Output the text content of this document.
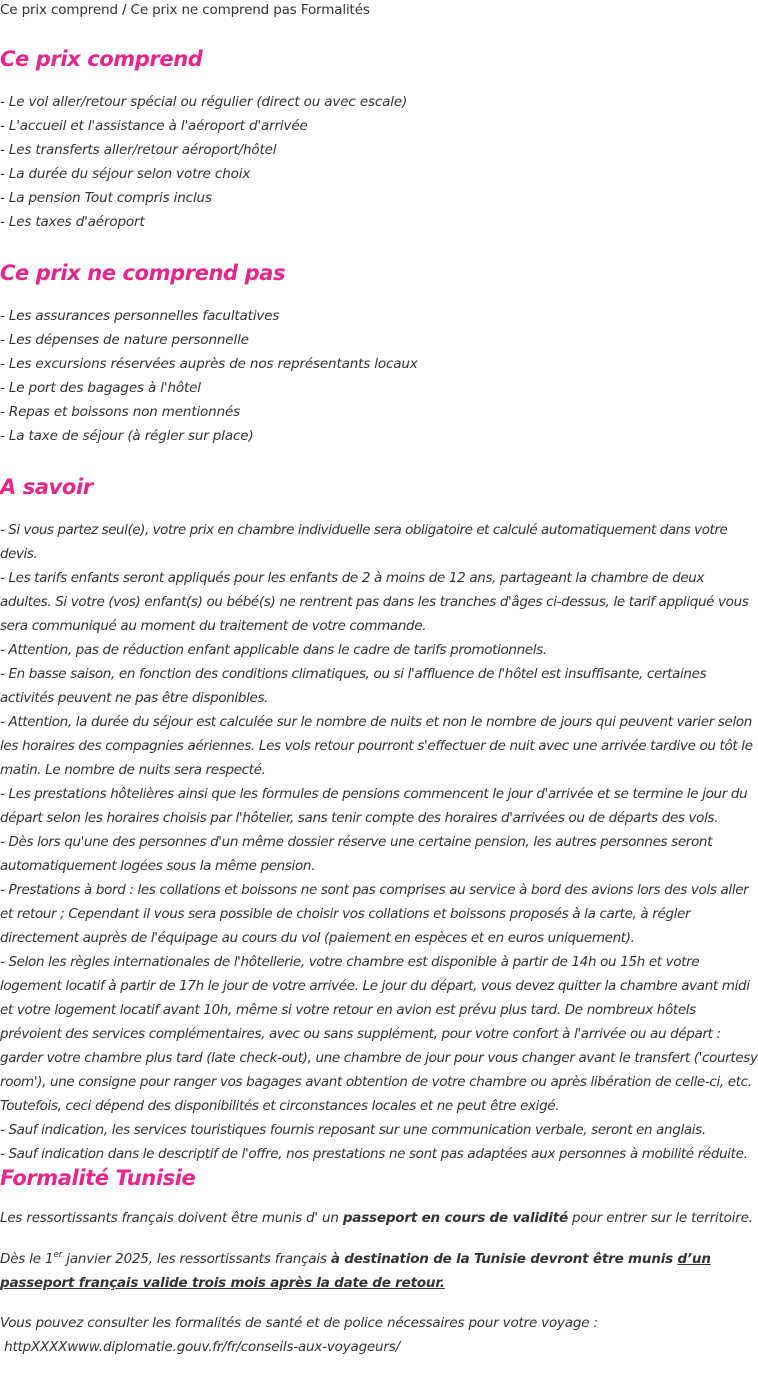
Ce prix comprend / Ce prix ne comprend pas Formalités
Ce prix comprend
- Le vol aller/retour spécial ou régulier (direct ou avec escale)
- L'accueil et l'assistance à l'aéroport d'arrivée
- Les transferts aller/retour aéroport/hôtel
- La durée du séjour selon votre choix
- La pension Tout compris inclus
- Les taxes d'aéroport
Ce prix ne comprend pas
- Les assurances personnelles facultatives
- Les dépenses de nature personnelle
- Les excursions réservées auprès de nos représentants locaux
- Le port des bagages à l'hôtel
- Repas et boissons non mentionnés
- La taxe de séjour (à régler sur place)
A savoir
- Si vous partez seul(e), votre prix en chambre individuelle sera obligatoire et calculé automatiquement dans votre devis.
- Les tarifs enfants seront appliqués pour les enfants de 2 à moins de 12 ans, partageant la chambre de deux adultes. Si votre (vos) enfant(s) ou bébé(s) ne rentrent pas dans les tranches d'âges ci-dessus, le tarif appliqué vous sera communiqué au moment du traitement de votre commande.
- Attention, pas de réduction enfant applicable dans le cadre de tarifs promotionnels.
- En basse saison, en fonction des conditions climatiques, ou si l'affluence de l'hôtel est insuffisante, certaines activités peuvent ne pas être disponibles.
- Attention, la durée du séjour est calculée sur le nombre de nuits et non le nombre de jours qui peuvent varier selon les horaires des compagnies aériennes. Les vols retour pourront s'effectuer de nuit avec une arrivée tardive ou tôt le matin. Le nombre de nuits sera respecté.
- Les prestations hôtelières ainsi que les formules de pensions commencent le jour d'arrivée et se termine le jour du départ selon les horaires choisis par l'hôtelier, sans tenir compte des horaires d'arrivées ou de départs des vols.
- Dès lors qu'une des personnes d'un même dossier réserve une certaine pension, les autres personnes seront automatiquement logées sous la même pension.
- Prestations à bord : les collations et boissons ne sont pas comprises au service à bord des avions lors des vols aller et retour ; Cependant il vous sera possible de choisir vos collations et boissons proposés à la carte, à régler directement auprès de l'équipage au cours du vol (paiement en espèces et en euros uniquement).
- Selon les règles internationales de l'hôtellerie, votre chambre est disponible à partir de 14h ou 15h et votre logement locatif à partir de 17h le jour de votre arrivée. Le jour du départ, vous devez quitter la chambre avant midi et votre logement locatif avant 10h, même si votre retour en avion est prévu plus tard. De nombreux hôtels prévoient des services complémentaires, avec ou sans supplément, pour votre confort à l'arrivée ou au départ : garder votre chambre plus tard (late check-out), une chambre de jour pour vous changer avant le transfert ('courtesy room'), une consigne pour ranger vos bagages avant obtention de votre chambre ou après libération de celle-ci, etc. Toutefois, ceci dépend des disponibilités et circonstances locales et ne peut être exigé.
- Sauf indication, les services touristiques fournis reposant sur une communication verbale, seront en anglais.
- Sauf indication dans le descriptif de l'offre, nos prestations ne sont pas adaptées aux personnes à mobilité réduite.
Formalité Tunisie

Les ressortissants français doivent être munis d' un passeport en cours de validité pour entrer sur le territoire.

Dès le 1er janvier 2025, les ressortissants français à destination de la Tunisie devront être munis d’un passeport français valide trois mois après la date de retour.

Vous pouvez consulter les formalités de santé et de police nécessaires pour votre voyage :
httpXXXXwww.diplomatie.gouv.fr/fr/conseils-aux-voyageurs/
